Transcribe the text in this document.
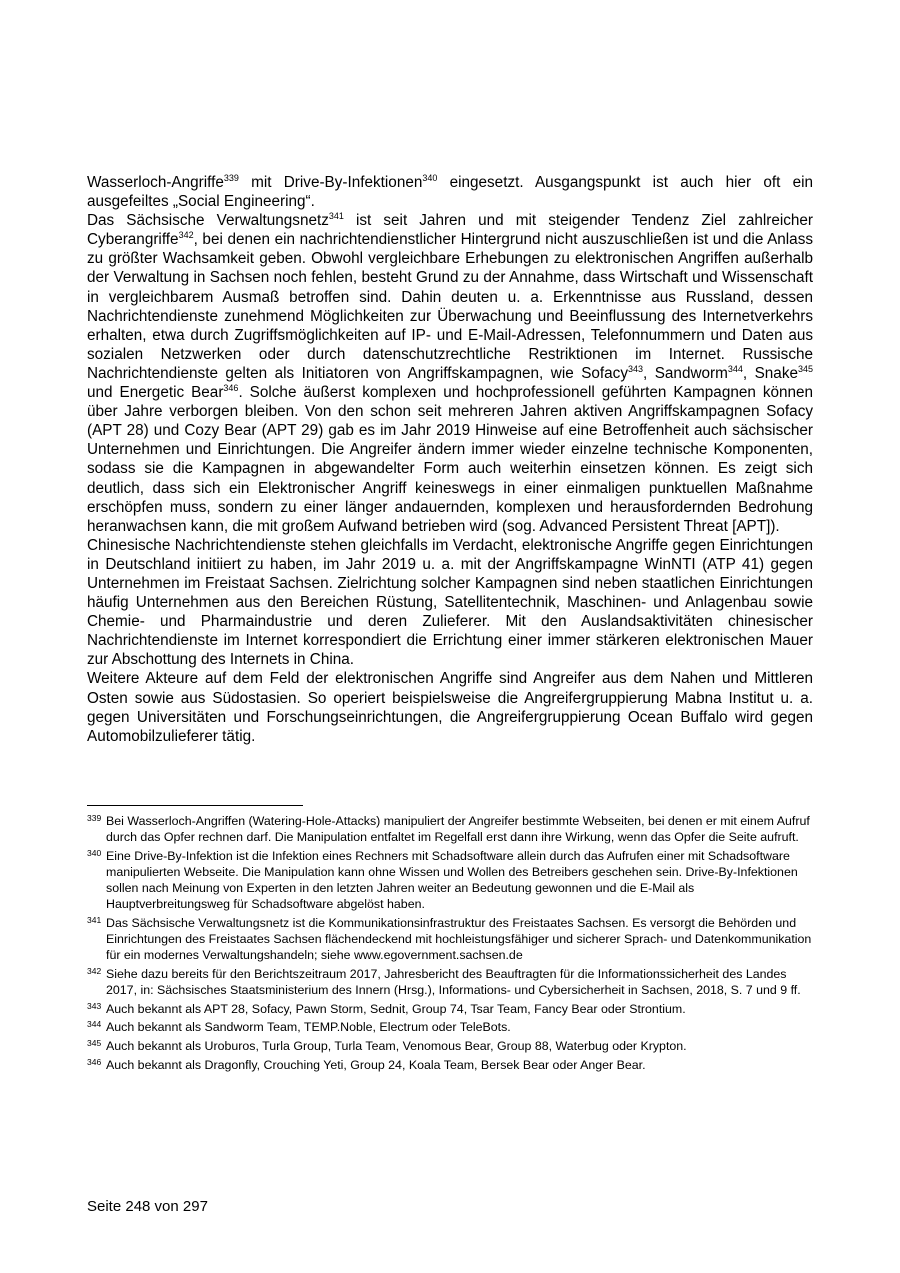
Wasserloch-Angriffe$^{339}$ mit Drive-By-Infektionen$^{340}$ eingesetzt. Ausgangspunkt ist auch hier oft ein ausgefeiltes „Social Engineering“.

Das Sächsische Verwaltungsnetz$^{341}$ ist seit Jahren und mit steigender Tendenz Ziel zahlreicher Cyberangriffe$^{342}$, bei denen ein nachrichtendienstlicher Hintergrund nicht auszuschließen ist und die Anlass zu größter Wachsamkeit geben. Obwohl vergleichbare Erhebungen zu elektronischen Angriffen außerhalb der Verwaltung in Sachsen noch fehlen, besteht Grund zu der Annahme, dass Wirtschaft und Wissenschaft in vergleichbarem Ausmaß betroffen sind. Dahin deuten u. a. Erkenntnisse aus Russland, dessen Nachrichtendienste zunehmend Möglichkeiten zur Überwachung und Beeinflussung des Internetverkehrs erhalten, etwa durch Zugriffsmöglichkeiten auf IP- und E-Mail-Adressen, Telefonnummern und Daten aus sozialen Netzwerken oder durch datenschutzrechtliche Restriktionen im Internet. Russische Nachrichtendienste gelten als Initiatoren von Angriffskampagnen, wie Sofacy$^{343}$, Sandworm$^{344}$, Snake$^{345}$ und Energetic Bear$^{346}$. Solche äußerst komplexen und hochprofessionell geführten Kampagnen können über Jahre verborgen bleiben. Von den schon seit mehreren Jahren aktiven Angriffskampagnen Sofacy (APT 28) und Cozy Bear (APT 29) gab es im Jahr 2019 Hinweise auf eine Betroffenheit auch sächsischer Unternehmen und Einrichtungen. Die Angreifer ändern immer wieder einzelne technische Komponenten, sodass sie die Kampagnen in abgewandelter Form auch weiterhin einsetzen können. Es zeigt sich deutlich, dass sich ein Elektronischer Angriff keineswegs in einer einmaligen punktuellen Maßnahme erschöpfen muss, sondern zu einer länger andauernden, komplexen und herausfordernden Bedrohung heranwachsen kann, die mit großem Aufwand betrieben wird (sog. Advanced Persistent Threat [APT]).

Chinesische Nachrichtendienste stehen gleichfalls im Verdacht, elektronische Angriffe gegen Einrichtungen in Deutschland initiiert zu haben, im Jahr 2019 u. a. mit der Angriffskampagne WinNTI (ATP 41) gegen Unternehmen im Freistaat Sachsen. Zielrichtung solcher Kampagnen sind neben staatlichen Einrichtungen häufig Unternehmen aus den Bereichen Rüstung, Satellitentechnik, Maschinen- und Anlagenbau sowie Chemie- und Pharmaindustrie und deren Zulieferer. Mit den Auslandsaktivitäten chinesischer Nachrichtendienste im Internet korrespondiert die Errichtung einer immer stärkeren elektronischen Mauer zur Abschottung des Internets in China.

Weitere Akteure auf dem Feld der elektronischen Angriffe sind Angreifer aus dem Nahen und Mittleren Osten sowie aus Südostasien. So operiert beispielsweise die Angreifergruppierung Mabna Institut u. a. gegen Universitäten und Forschungseinrichtungen, die Angreifergruppierung Ocean Buffalo wird gegen Automobilzulieferer tätig.

339 Bei Wasserloch-Angriffen (Watering-Hole-Attacks) manipuliert der Angreifer bestimmte Webseiten, bei denen er mit einem Aufruf durch das Opfer rechnen darf. Die Manipulation entfaltet im Regelfall erst dann ihre Wirkung, wenn das Opfer die Seite aufruft.
340 Eine Drive-By-Infektion ist die Infektion eines Rechners mit Schadsoftware allein durch das Aufrufen einer mit Schadsoftware manipulierten Webseite. Die Manipulation kann ohne Wissen und Wollen des Betreibers geschehen sein. Drive-By-Infektionen sollen nach Meinung von Experten in den letzten Jahren weiter an Bedeutung gewonnen und die E-Mail als Hauptverbreitungsweg für Schadsoftware abgelöst haben.
341 Das Sächsische Verwaltungsnetz ist die Kommunikationsinfrastruktur des Freistaates Sachsen. Es versorgt die Behörden und Einrichtungen des Freistaates Sachsen flächendeckend mit hochleistungsfähiger und sicherer Sprach- und Datenkommunikation für ein modernes Verwaltungshandeln; siehe www.egovernment.sachsen.de
342 Siehe dazu bereits für den Berichtszeitraum 2017, Jahresbericht des Beauftragten für die Informationssicherheit des Landes 2017, in: Sächsisches Staatsministerium des Innern (Hrsg.), Informations- und Cybersicherheit in Sachsen, 2018, S. 7 und 9 ff.
343 Auch bekannt als APT 28, Sofacy, Pawn Storm, Sednit, Group 74, Tsar Team, Fancy Bear oder Strontium.
344 Auch bekannt als Sandworm Team, TEMP.Noble, Electrum oder TeleBots.
345 Auch bekannt als Uroburos, Turla Group, Turla Team, Venomous Bear, Group 88, Waterbug oder Krypton.
346 Auch bekannt als Dragonfly, Crouching Yeti, Group 24, Koala Team, Bersek Bear oder Anger Bear.
Seite 248 von 297
